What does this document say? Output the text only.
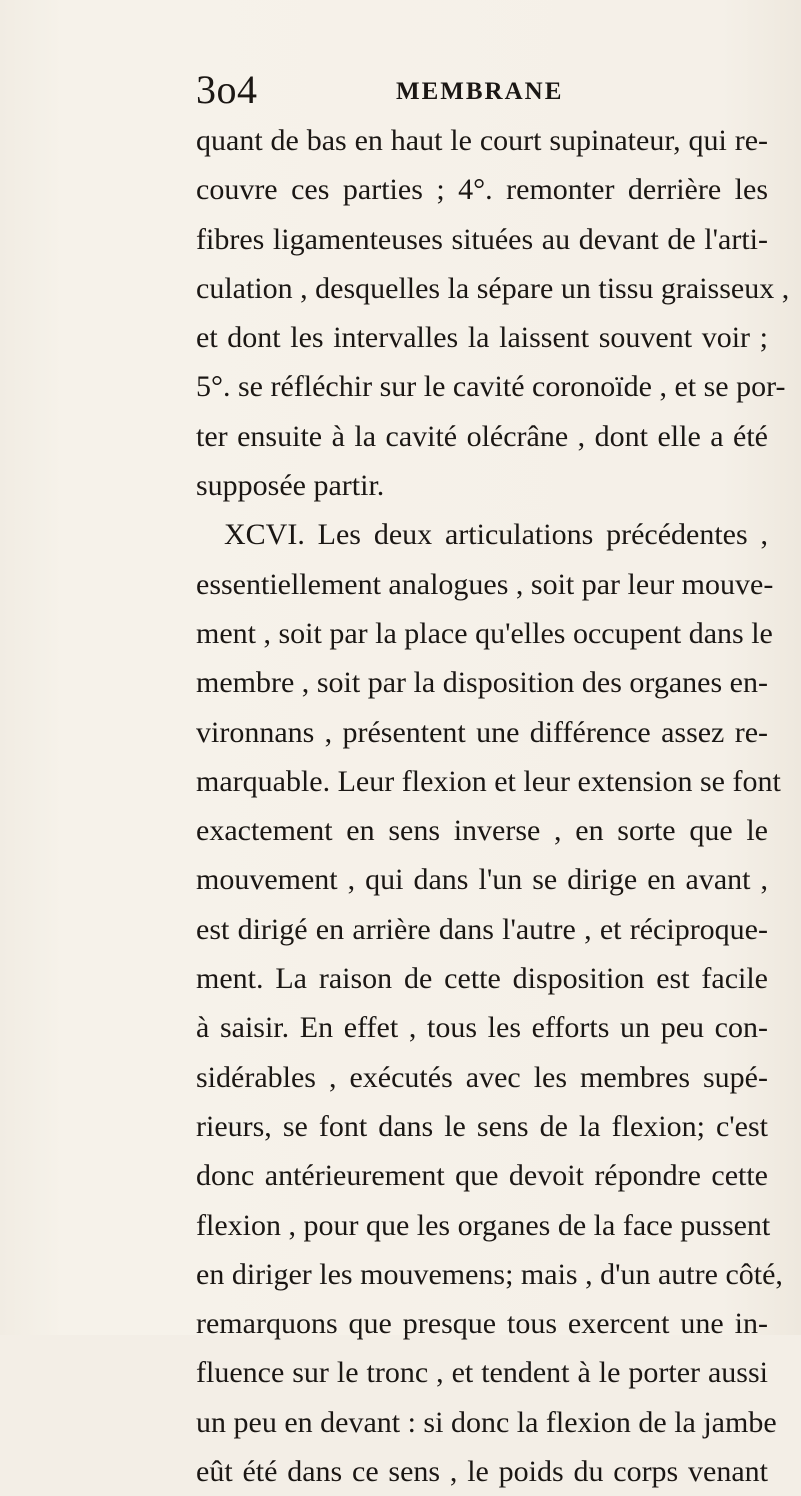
3o4	MEMBRANE
quant de bas en haut le court supinateur, qui re-
couvre ces parties ; 4°. remonter derrière les
fibres ligamenteuses situées au devant de l'arti-
culation , desquelles la sépare un tissu graisseux ,
et dont les intervalles la laissent souvent voir ;
5°. se réfléchir sur le cavité coronoïde , et se por-
ter ensuite à la cavité olécrâne , dont elle a été
supposée partir.
XCVI. Les deux articulations précédentes ,
essentiellement analogues , soit par leur mouve-
ment , soit par la place qu'elles occupent dans le
membre , soit par la disposition des organes en-
vironnans , présentent une différence assez re-
marquable. Leur flexion et leur extension se font
exactement en sens inverse , en sorte que le
mouvement , qui dans l'un se dirige en avant ,
est dirigé en arrière dans l'autre , et réciproque-
ment. La raison de cette disposition est facile
à saisir. En effet , tous les efforts un peu con-
sidérables , exécutés avec les membres supé-
rieurs, se font dans le sens de la flexion; c'est
donc antérieurement que devoit répondre cette
flexion , pour que les organes de la face pussent
en diriger les mouvemens; mais , d'un autre côté,
remarquons que presque tous exercent une in-
fluence sur le tronc , et tendent à le porter aussi
un peu en devant : si donc la flexion de la jambe
eût été dans ce sens , le poids du corps venant
